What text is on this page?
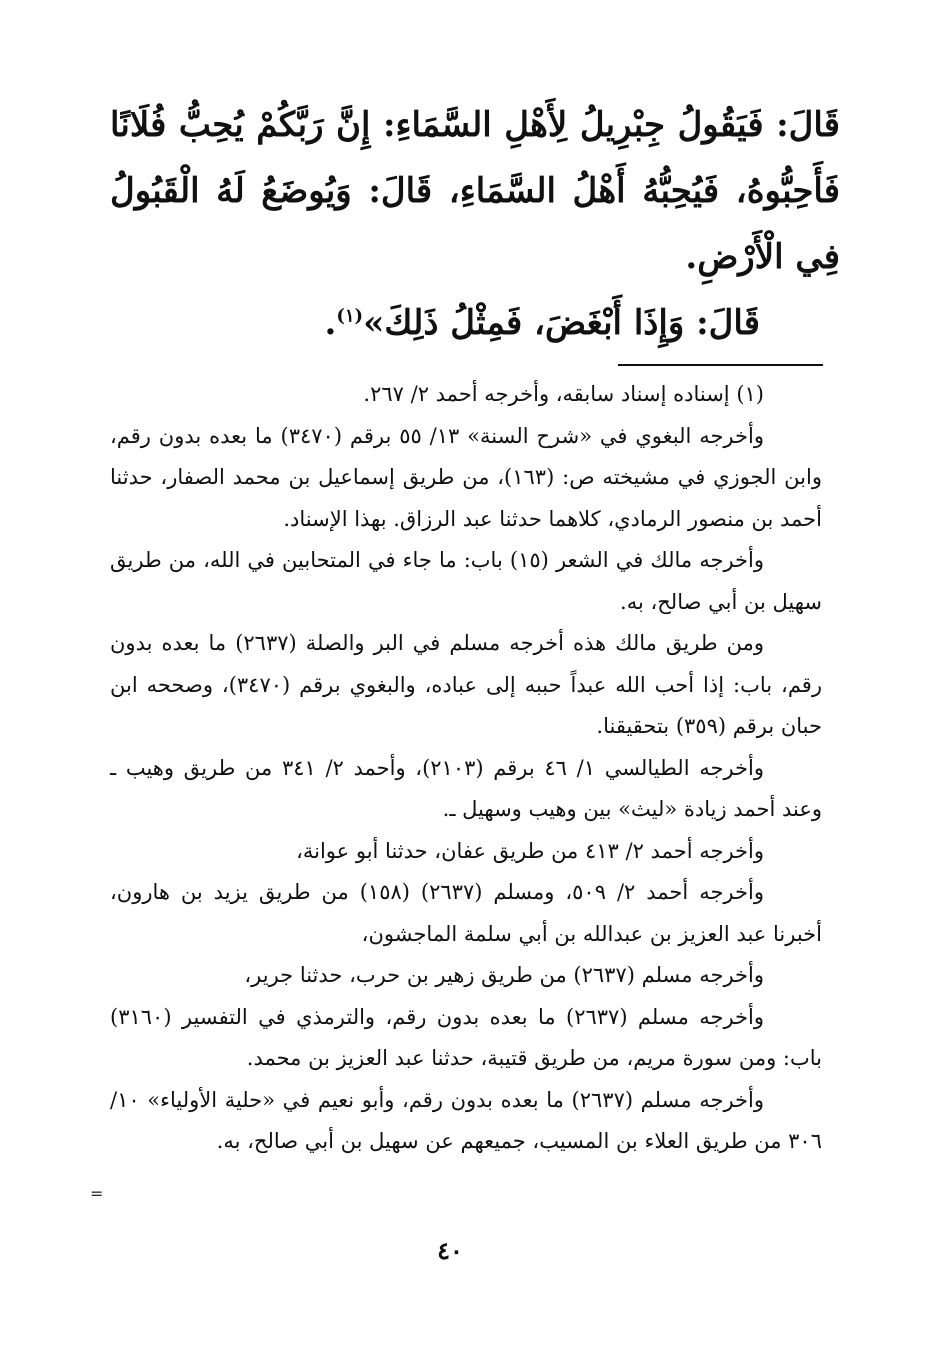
قَالَ: فَيَقُولُ جِبْرِيلُ لِأَهْلِ السَّمَاءِ: إِنَّ رَبَّكُمْ يُحِبُّ فُلَانًا فَأَحِبُّوهُ، فَيُحِبُّهُ أَهْلُ السَّمَاءِ، قَالَ: وَيُوضَعُ لَهُ الْقَبُولُ فِي الْأَرْضِ.

قَالَ: وَإِذَا أَبْغَضَ، فَمِثْلُ ذَلِكَ»$^{(١)}$.

(١) إسناده إسناد سابقه، وأخرجه أحمد ٢/ ٢٦٧.

وأخرجه البغوي في «شرح السنة» ١٣/ ٥٥ برقم (٣٤٧٠) ما بعده بدون رقم، وابن الجوزي في مشيخته ص: (١٦٣)، من طريق إسماعيل بن محمد الصفار، حدثنا أحمد بن منصور الرمادي، كلاهما حدثنا عبد الرزاق. بهذا الإسناد.

وأخرجه مالك في الشعر (١٥) باب: ما جاء في المتحابين في الله، من طريق سهيل بن أبي صالح، به.

ومن طريق مالك هذه أخرجه مسلم في البر والصلة (٢٦٣٧) ما بعده بدون رقم، باب: إذا أحب الله عبداً حببه إلى عباده، والبغوي برقم (٣٤٧٠)، وصححه ابن حبان برقم (٣٥٩) بتحقيقنا.

وأخرجه الطيالسي ١/ ٤٦ برقم (٢١٠٣)، وأحمد ٢/ ٣٤١ من طريق وهيب ـ وعند أحمد زيادة «ليث» بين وهيب وسهيل ـ.

وأخرجه أحمد ٢/ ٤١٣ من طريق عفان، حدثنا أبو عوانة،

وأخرجه أحمد ٢/ ٥٠٩، ومسلم (٢٦٣٧) (١٥٨) من طريق يزيد بن هارون، أخبرنا عبد العزيز بن عبدالله بن أبي سلمة الماجشون،

وأخرجه مسلم (٢٦٣٧) من طريق زهير بن حرب، حدثنا جرير،

وأخرجه مسلم (٢٦٣٧) ما بعده بدون رقم، والترمذي في التفسير (٣١٦٠) باب: ومن سورة مريم، من طريق قتيبة، حدثنا عبد العزيز بن محمد.

وأخرجه مسلم (٢٦٣٧) ما بعده بدون رقم، وأبو نعيم في «حلية الأولياء» ١٠/ ٣٠٦ من طريق العلاء بن المسيب، جميعهم عن سهيل بن أبي صالح، به.

=
٤٠
